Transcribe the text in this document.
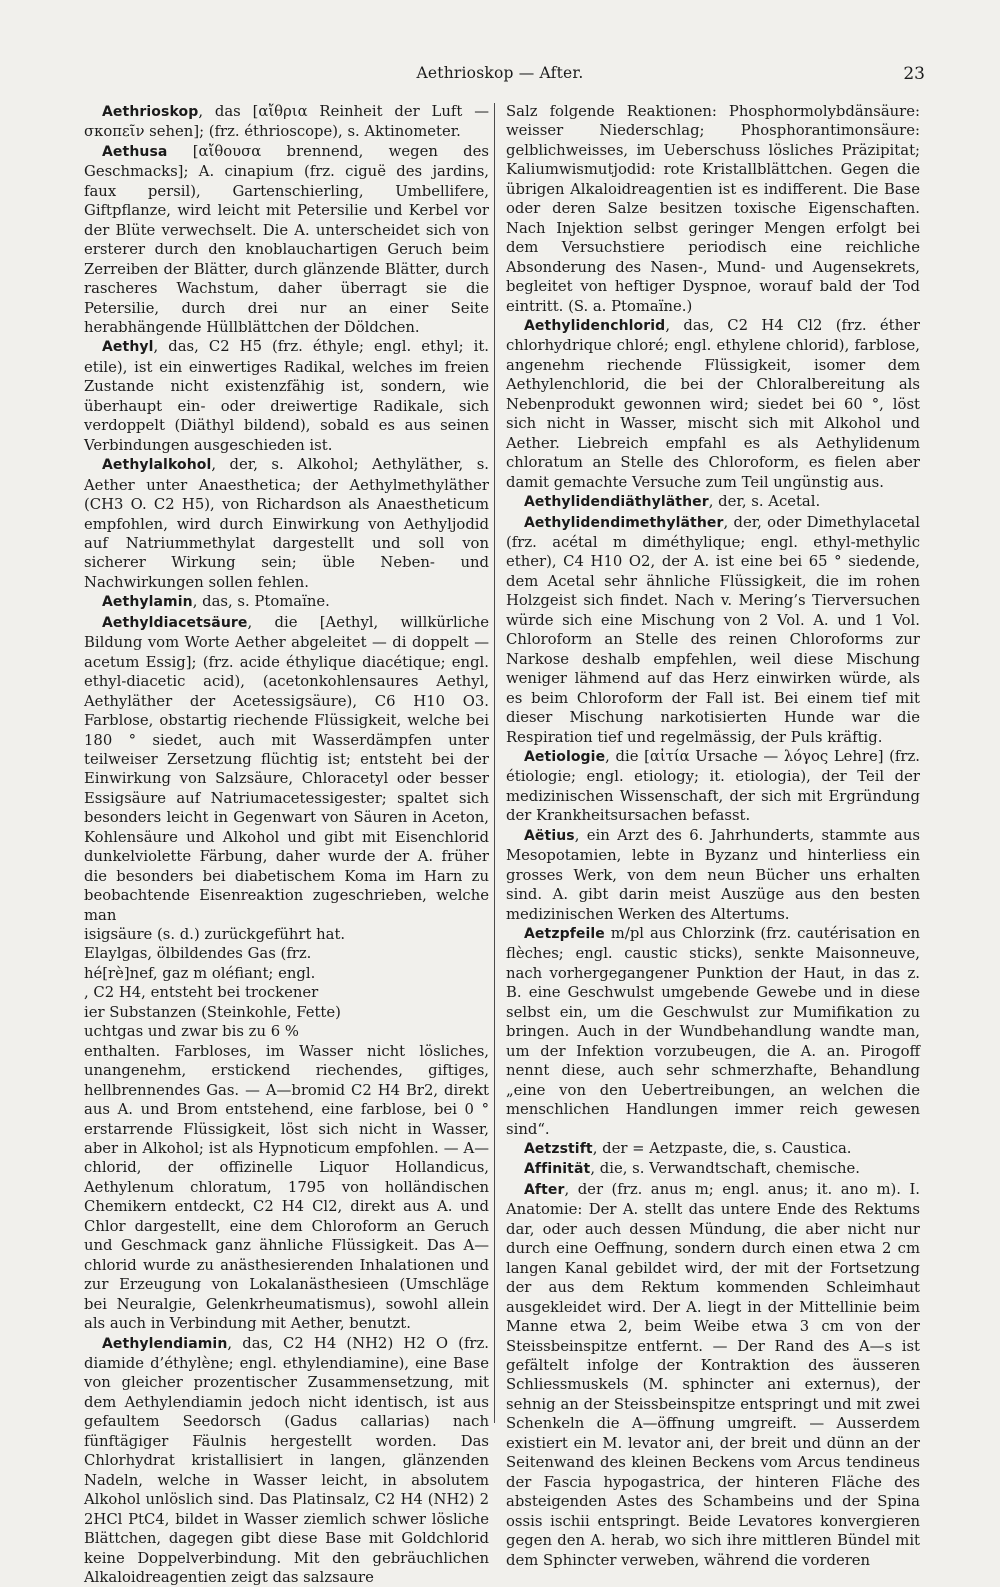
Aethrioskop — After.	23

Aethrioskop, das [αἴθρια Reinheit der Luft — σκοπεῖν sehen]; (frz. éthrioscope), s. Aktinometer.

Aethusa [αἴθουσα brennend, wegen des Geschmacks]; A. cinapium (frz. ciguë des jardins, faux persil), Gartenschierling, Umbellifere, Giftpflanze, wird leicht mit Petersilie und Kerbel vor der Blüte verwechselt. Die A. unterscheidet sich von ersterer durch den knoblauchartigen Geruch beim Zerreiben der Blätter, durch glänzende Blätter, durch rascheres Wachstum, daher überragt sie die Petersilie, durch drei nur an einer Seite herabhängende Hüllblättchen der Döldchen.

Aethyl, das, C2 H5 (frz. éthyle; engl. ethyl; it. etile), ist ein einwertiges Radikal, welches im freien Zustande nicht existenzfähig ist, sondern, wie überhaupt ein- oder dreiwertige Radikale, sich verdoppelt (Diäthyl bildend), sobald es aus seinen Verbindungen ausgeschieden ist.

Aethylalkohol, der, s. Alkohol; Aethyläther, s. Aether unter Anaesthetica; der Aethylmethyläther (CH3 O. C2 H5), von Richardson als Anaestheticum empfohlen, wird durch Einwirkung von Aethyljodid auf Natriummethylat dargestellt und soll von sicherer Wirkung sein; üble Neben- und Nachwirkungen sollen fehlen.

Aethylamin, das, s. Ptomaïne.

Aethyldiacetsäure, die [Aethyl, willkürliche Bildung vom Worte Aether abgeleitet — di doppelt — acetum Essig]; (frz. acide éthylique diacétique; engl. ethyl-diacetic acid), (acetonkohlensaures Aethyl, Aethyläther der Acetessigsäure), C6 H10 O3. Farblose, obstartig riechende Flüssigkeit, welche bei 180 ° siedet, auch mit Wasserdämpfen unter teilweiser Zersetzung flüchtig ist; entsteht bei der Einwirkung von Salzsäure, Chloracetyl oder besser Essigsäure auf Natriumacetessigester; spaltet sich besonders leicht in Gegenwart von Säuren in Aceton, Kohlensäure und Alkohol und gibt mit Eisenchlorid dunkelviolette Färbung, daher wurde der A. früher die besonders bei diabetischem Koma im Harn zu beobachtende Eisenreaktion zugeschrieben, welche man

isigsäure (s. d.) zurückgeführt hat.

Elaylgas, ölbildendes Gas (frz.

hé[rè]nef, gaz m oléfiant; engl.

, C2 H4, entsteht bei trockener

ier Substanzen (Steinkohle, Fette)

uchtgas und zwar bis zu 6 %

enthalten. Farbloses, im Wasser nicht lösliches, unangenehm, erstickend riechendes, giftiges, hellbrennendes Gas. — A—bromid C2 H4 Br2, direkt aus A. und Brom entstehend, eine farblose, bei 0 ° erstarrende Flüssigkeit, löst sich nicht in Wasser, aber in Alkohol; ist als Hypnoticum empfohlen. — A—chlorid, der offizinelle Liquor Hollandicus, Aethylenum chloratum, 1795 von holländischen Chemikern entdeckt, C2 H4 Cl2, direkt aus A. und Chlor dargestellt, eine dem Chloroform an Geruch und Geschmack ganz ähnliche Flüssigkeit. Das A—chlorid wurde zu anästhesierenden Inhalationen und zur Erzeugung von Lokalanästhesieen (Umschläge bei Neuralgie, Gelenkrheumatismus), sowohl allein als auch in Verbindung mit Aether, benutzt.

Aethylendiamin, das, C2 H4 (NH2) H2 O (frz. diamide d’éthylène; engl. ethylendiamine), eine Base von gleicher prozentischer Zusammensetzung, mit dem Aethylendiamin jedoch nicht identisch, ist aus gefaultem Seedorsch (Gadus callarias) nach fünftägiger Fäulnis hergestellt worden. Das Chlorhydrat kristallisiert in langen, glänzenden Nadeln, welche in Wasser leicht, in absolutem Alkohol unlöslich sind. Das Platinsalz, C2 H4 (NH2) 2 2HCl PtC4, bildet in Wasser ziemlich schwer lösliche Blättchen, dagegen gibt diese Base mit Goldchlorid keine Doppelverbindung. Mit den gebräuchlichen Alkaloidreagentien zeigt das salzsaure

Salz folgende Reaktionen: Phosphormolybdänsäure: weisser Niederschlag; Phosphorantimonsäure: gelblichweisses, im Ueberschuss lösliches Präzipitat; Kaliumwismutjodid: rote Kristallblättchen. Gegen die übrigen Alkaloidreagentien ist es indifferent. Die Base oder deren Salze besitzen toxische Eigenschaften. Nach Injektion selbst geringer Mengen erfolgt bei dem Versuchstiere periodisch eine reichliche Absonderung des Nasen-, Mund- und Augensekrets, begleitet von heftiger Dyspnoe, worauf bald der Tod eintritt. (S. a. Ptomaïne.)

Aethylidenchlorid, das, C2 H4 Cl2 (frz. éther chlorhydrique chloré; engl. ethylene chlorid), farblose, angenehm riechende Flüssigkeit, isomer dem Aethylenchlorid, die bei der Chloralbereitung als Nebenprodukt gewonnen wird; siedet bei 60 °, löst sich nicht in Wasser, mischt sich mit Alkohol und Aether. Liebreich empfahl es als Aethylidenum chloratum an Stelle des Chloroform, es fielen aber damit gemachte Versuche zum Teil ungünstig aus.

Aethylidendiäthyläther, der, s. Acetal.

Aethylidendimethyläther, der, oder Dimethylacetal (frz. acétal m diméthylique; engl. ethyl-methylic ether), C4 H10 O2, der A. ist eine bei 65 ° siedende, dem Acetal sehr ähnliche Flüssigkeit, die im rohen Holzgeist sich findet. Nach v. Mering’s Tierversuchen würde sich eine Mischung von 2 Vol. A. und 1 Vol. Chloroform an Stelle des reinen Chloroforms zur Narkose deshalb empfehlen, weil diese Mischung weniger lähmend auf das Herz einwirken würde, als es beim Chloroform der Fall ist. Bei einem tief mit dieser Mischung narkotisierten Hunde war die Respiration tief und regelmässig, der Puls kräftig.

Aetiologie, die [αἰτία Ursache — λόγος Lehre] (frz. étiologie; engl. etiology; it. etiologia), der Teil der medizinischen Wissenschaft, der sich mit Ergründung der Krankheitsursachen befasst.

Aëtius, ein Arzt des 6. Jahrhunderts, stammte aus Mesopotamien, lebte in Byzanz und hinterliess ein grosses Werk, von dem neun Bücher uns erhalten sind. A. gibt darin meist Auszüge aus den besten medizinischen Werken des Altertums.

Aetzpfeile m/pl aus Chlorzink (frz. cautérisation en flèches; engl. caustic sticks), senkte Maisonneuve, nach vorhergegangener Punktion der Haut, in das z. B. eine Geschwulst umgebende Gewebe und in diese selbst ein, um die Geschwulst zur Mumifikation zu bringen. Auch in der Wundbehandlung wandte man, um der Infektion vorzubeugen, die A. an. Pirogoff nennt diese, auch sehr schmerzhafte, Behandlung „eine von den Uebertreibungen, an welchen die menschlichen Handlungen immer reich gewesen sind“.

Aetzstift, der = Aetzpaste, die, s. Caustica.

Affinität, die, s. Verwandtschaft, chemische.

After, der (frz. anus m; engl. anus; it. ano m). I. Anatomie: Der A. stellt das untere Ende des Rektums dar, oder auch dessen Mündung, die aber nicht nur durch eine Oeffnung, sondern durch einen etwa 2 cm langen Kanal gebildet wird, der mit der Fortsetzung der aus dem Rektum kommenden Schleimhaut ausgekleidet wird. Der A. liegt in der Mittellinie beim Manne etwa 2, beim Weibe etwa 3 cm von der Steissbeinspitze entfernt. — Der Rand des A—s ist gefältelt infolge der Kontraktion des äusseren Schliessmuskels (M. sphincter ani externus), der sehnig an der Steissbeinspitze entspringt und mit zwei Schenkeln die A—öffnung umgreift. — Ausserdem existiert ein M. levator ani, der breit und dünn an der Seitenwand des kleinen Beckens vom Arcus tendineus der Fascia hypogastrica, der hinteren Fläche des absteigenden Astes des Schambeins und der Spina ossis ischii entspringt. Beide Levatores konvergieren gegen den A. herab, wo sich ihre mittleren Bündel mit dem Sphincter verweben, während die vorderen
